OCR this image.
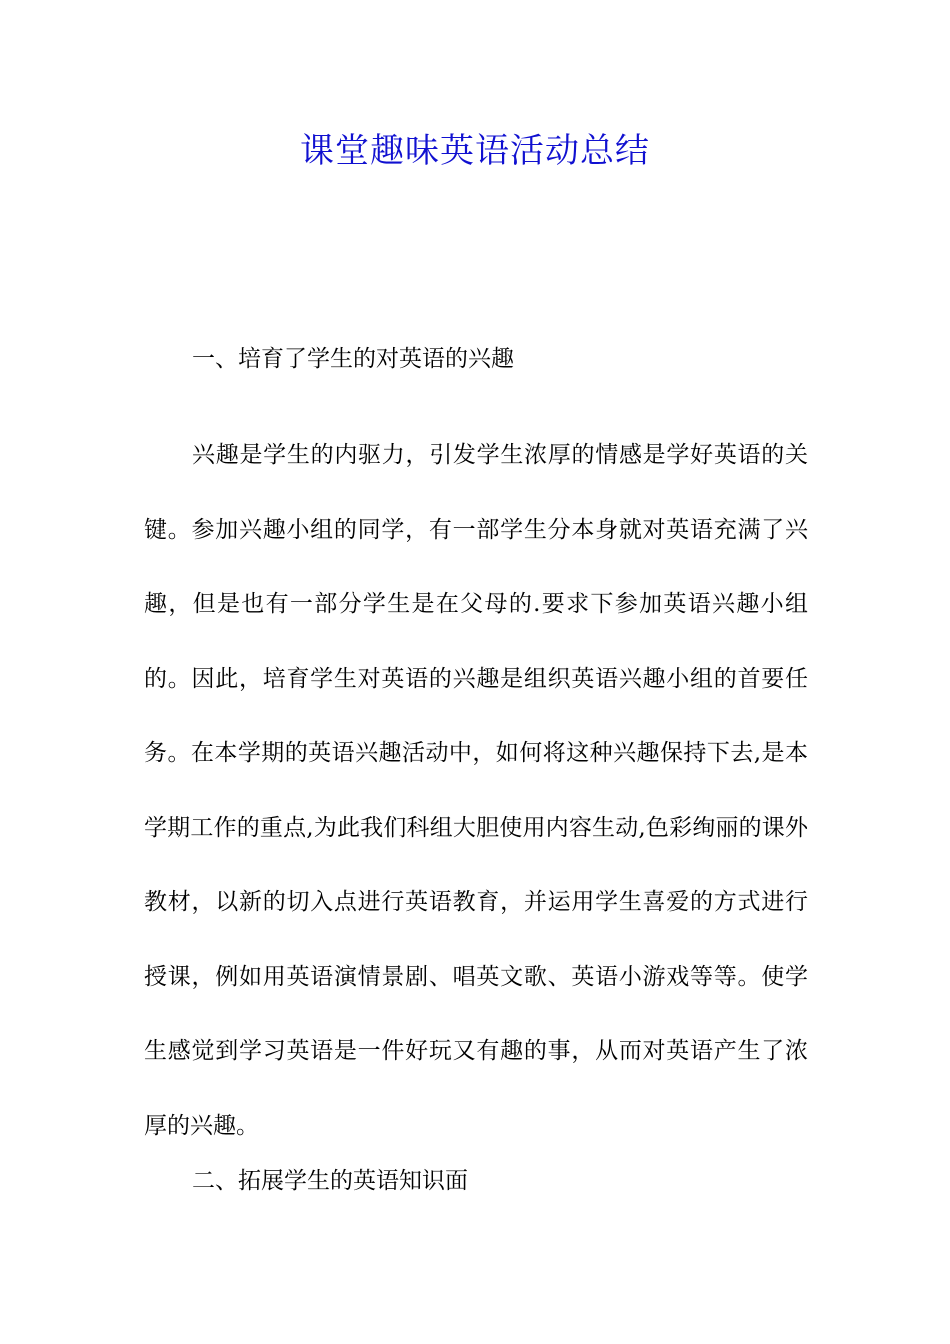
课堂趣味英语活动总结
一、培育了学生的对英语的兴趣

兴趣是学生的内驱力，引发学生浓厚的情感是学好英语的关键。参加兴趣小组的同学，有一部学生分本身就对英语充满了兴趣，但是也有一部分学生是在父母的.要求下参加英语兴趣小组的。因此，培育学生对英语的兴趣是组织英语兴趣小组的首要任务。在本学期的英语兴趣活动中，如何将这种兴趣保持下去,是本学期工作的重点,为此我们科组大胆使用内容生动,色彩绚丽的课外教材，以新的切入点进行英语教育，并运用学生喜爱的方式进行授课，例如用英语演情景剧、唱英文歌、英语小游戏等等。使学生感觉到学习英语是一件好玩又有趣的事，从而对英语产生了浓厚的兴趣。

二、拓展学生的英语知识面
